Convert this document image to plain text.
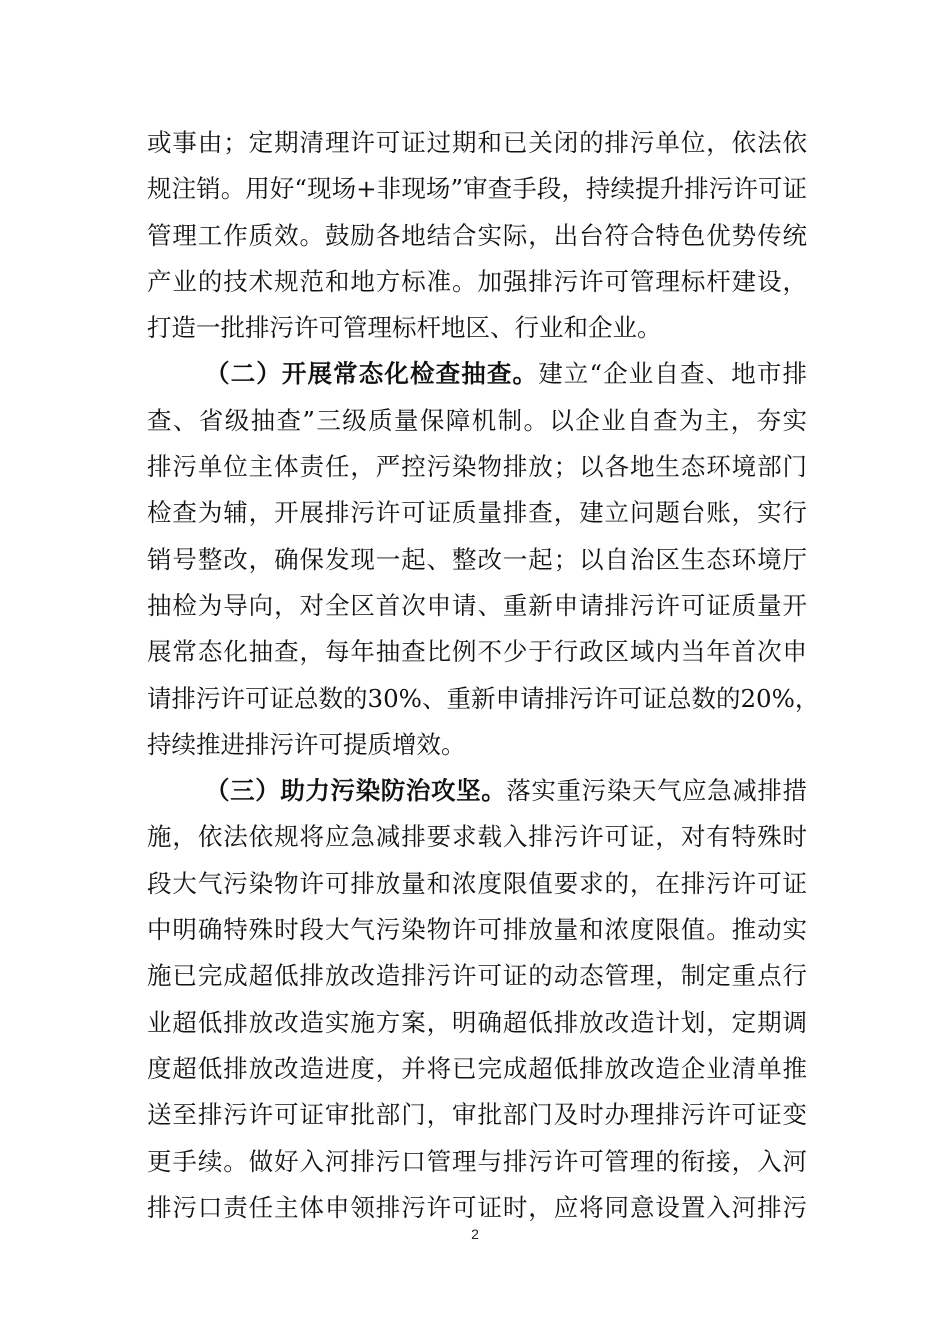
或事由；定期清理许可证过期和已关闭的排污单位，依法依
规注销。用好“现场+非现场”审查手段，持续提升排污许可证
管理工作质效。鼓励各地结合实际，出台符合特色优势传统
产业的技术规范和地方标准。加强排污许可管理标杆建设，
打造一批排污许可管理标杆地区、行业和企业。
（二）开展常态化检查抽查。建立“企业自查、地市排
查、省级抽查”三级质量保障机制。以企业自查为主，夯实
排污单位主体责任，严控污染物排放；以各地生态环境部门
检查为辅，开展排污许可证质量排查，建立问题台账，实行
销号整改，确保发现一起、整改一起；以自治区生态环境厅
抽检为导向，对全区首次申请、重新申请排污许可证质量开
展常态化抽查，每年抽查比例不少于行政区域内当年首次申
请排污许可证总数的30%、重新申请排污许可证总数的20%，
持续推进排污许可提质增效。
（三）助力污染防治攻坚。落实重污染天气应急减排措
施，依法依规将应急减排要求载入排污许可证，对有特殊时
段大气污染物许可排放量和浓度限值要求的，在排污许可证
中明确特殊时段大气污染物许可排放量和浓度限值。推动实
施已完成超低排放改造排污许可证的动态管理，制定重点行
业超低排放改造实施方案，明确超低排放改造计划，定期调
度超低排放改造进度，并将已完成超低排放改造企业清单推
送至排污许可证审批部门，审批部门及时办理排污许可证变
更手续。做好入河排污口管理与排污许可管理的衔接，入河
排污口责任主体申领排污许可证时，应将同意设置入河排污
2
